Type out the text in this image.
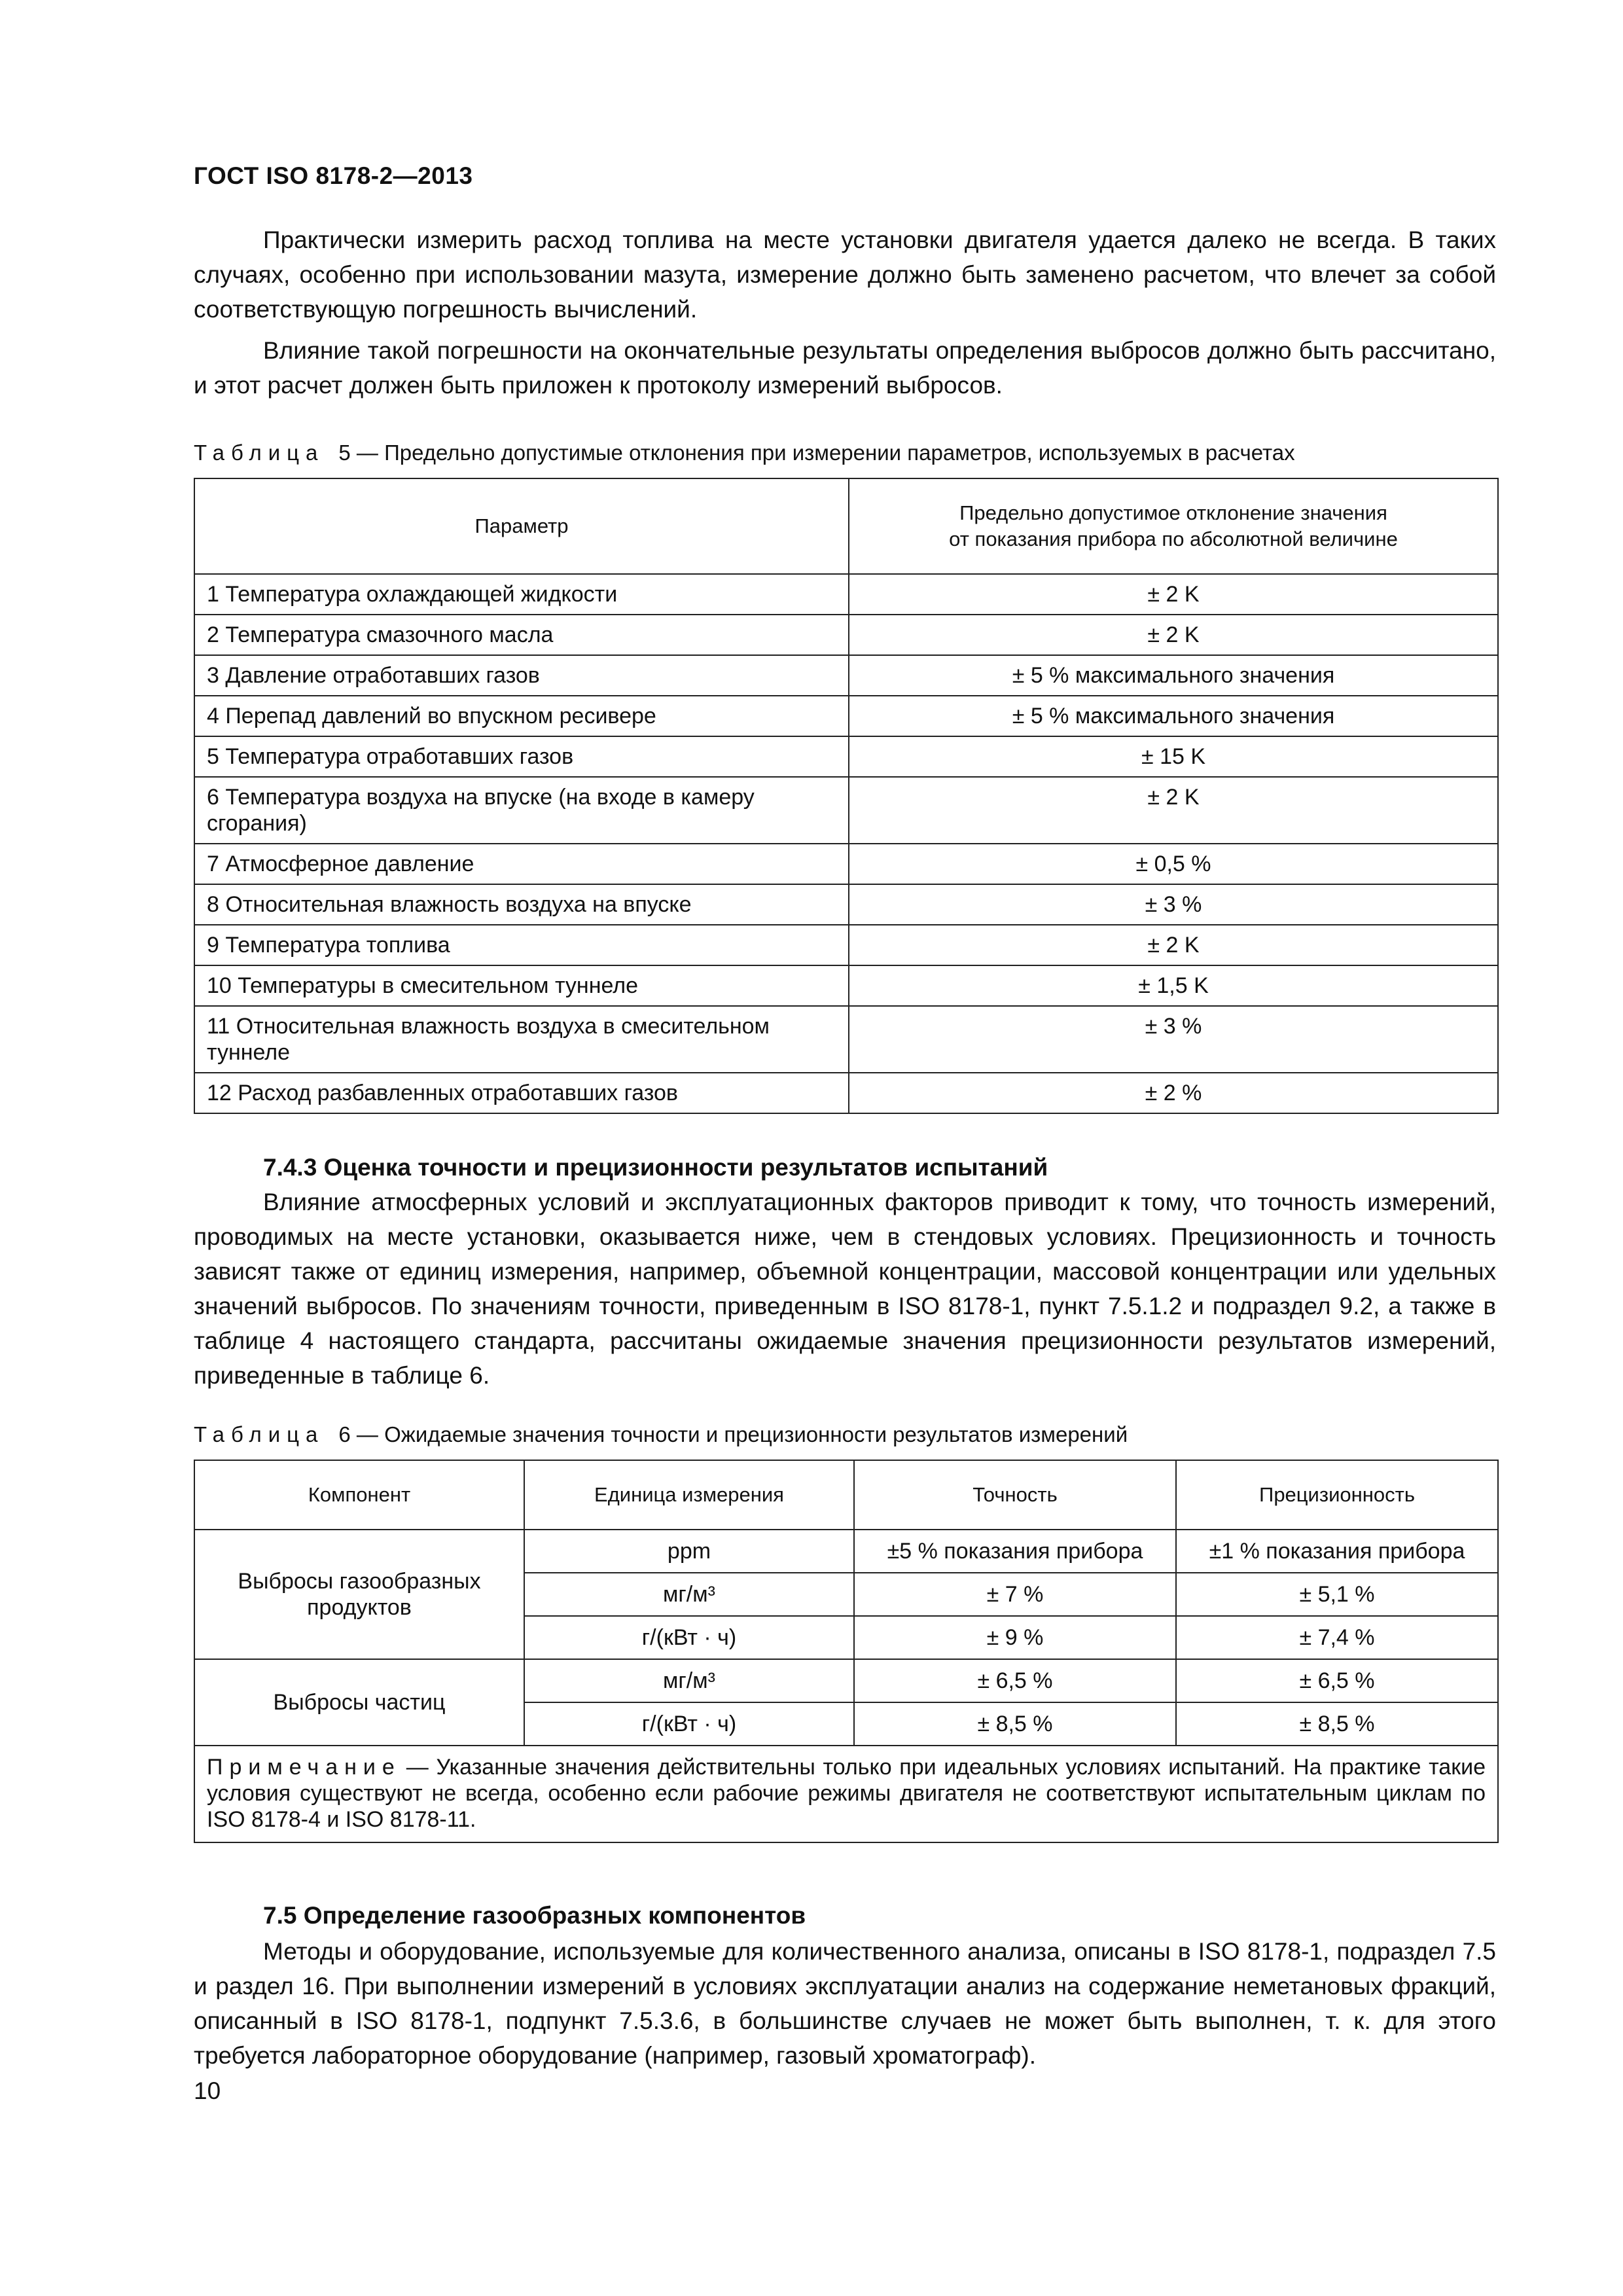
ГОСТ ISO 8178-2—2013

Практически измерить расход топлива на месте установки двигателя удается далеко не всегда. В таких случаях, особенно при использовании мазута, измерение должно быть заменено расчетом, что влечет за собой соответствующую погрешность вычислений.

Влияние такой погрешности на окончательные результаты определения выбросов должно быть рассчитано, и этот расчет должен быть приложен к протоколу измерений выбросов.

Таблица 5 — Предельно допустимые отклонения при измерении параметров, используемых в расчетах
Параметр	Предельно допустимое отклонение значения
от показания прибора по абсолютной величине
1 Температура охлаждающей жидкости	± 2 K
2 Температура смазочного масла	± 2 K
3 Давление отработавших газов	± 5 % максимального значения
4 Перепад давлений во впускном ресивере	± 5 % максимального значения
5 Температура отработавших газов	± 15 K
6 Температура воздуха на впуске (на входе в камеру сгорания)	± 2 K
7 Атмосферное давление	± 0,5 %
8 Относительная влажность воздуха на впуске	± 3 %
9 Температура топлива	± 2 K
10 Температуры в смесительном туннеле	± 1,5 K
11 Относительная влажность воздуха в смесительном туннеле	± 3 %
12 Расход разбавленных отработавших газов	± 2 %
7.4.3 Оценка точности и прецизионности результатов испытаний

Влияние атмосферных условий и эксплуатационных факторов приводит к тому, что точность измерений, проводимых на месте установки, оказывается ниже, чем в стендовых условиях. Прецизионность и точность зависят также от единиц измерения, например, объемной концентрации, массовой концентрации или удельных значений выбросов. По значениям точности, приведенным в ISO 8178-1, пункт 7.5.1.2 и подраздел 9.2, а также в таблице 4 настоящего стандарта, рассчитаны ожидаемые значения прецизионности результатов измерений, приведенные в таблице 6.

Таблица 6 — Ожидаемые значения точности и прецизионности результатов измерений
Компонент	Единица измерения	Точность	Прецизионность
Выбросы газообразных продуктов	ppm	±5 % показания прибора	±1 % показания прибора
	мг/м³	± 7 %	± 5,1 %
	г/(кВт · ч)	± 9 %	± 7,4 %
Выбросы частиц	мг/м³	± 6,5 %	± 6,5 %
	г/(кВт · ч)	± 8,5 %	± 8,5 %
Примечание — Указанные значения действительны только при идеальных условиях испытаний. На практике такие условия существуют не всегда, особенно если рабочие режимы двигателя не соответствуют испытательным циклам по ISO 8178-4 и ISO 8178-11.			
7.5 Определение газообразных компонентов

Методы и оборудование, используемые для количественного анализа, описаны в ISO 8178-1, подраздел 7.5 и раздел 16. При выполнении измерений в условиях эксплуатации анализ на содержание неметановых фракций, описанный в ISO 8178-1, подпункт 7.5.3.6, в большинстве случаев не может быть выполнен, т. к. для этого требуется лабораторное оборудование (например, газовый хроматограф).

10
